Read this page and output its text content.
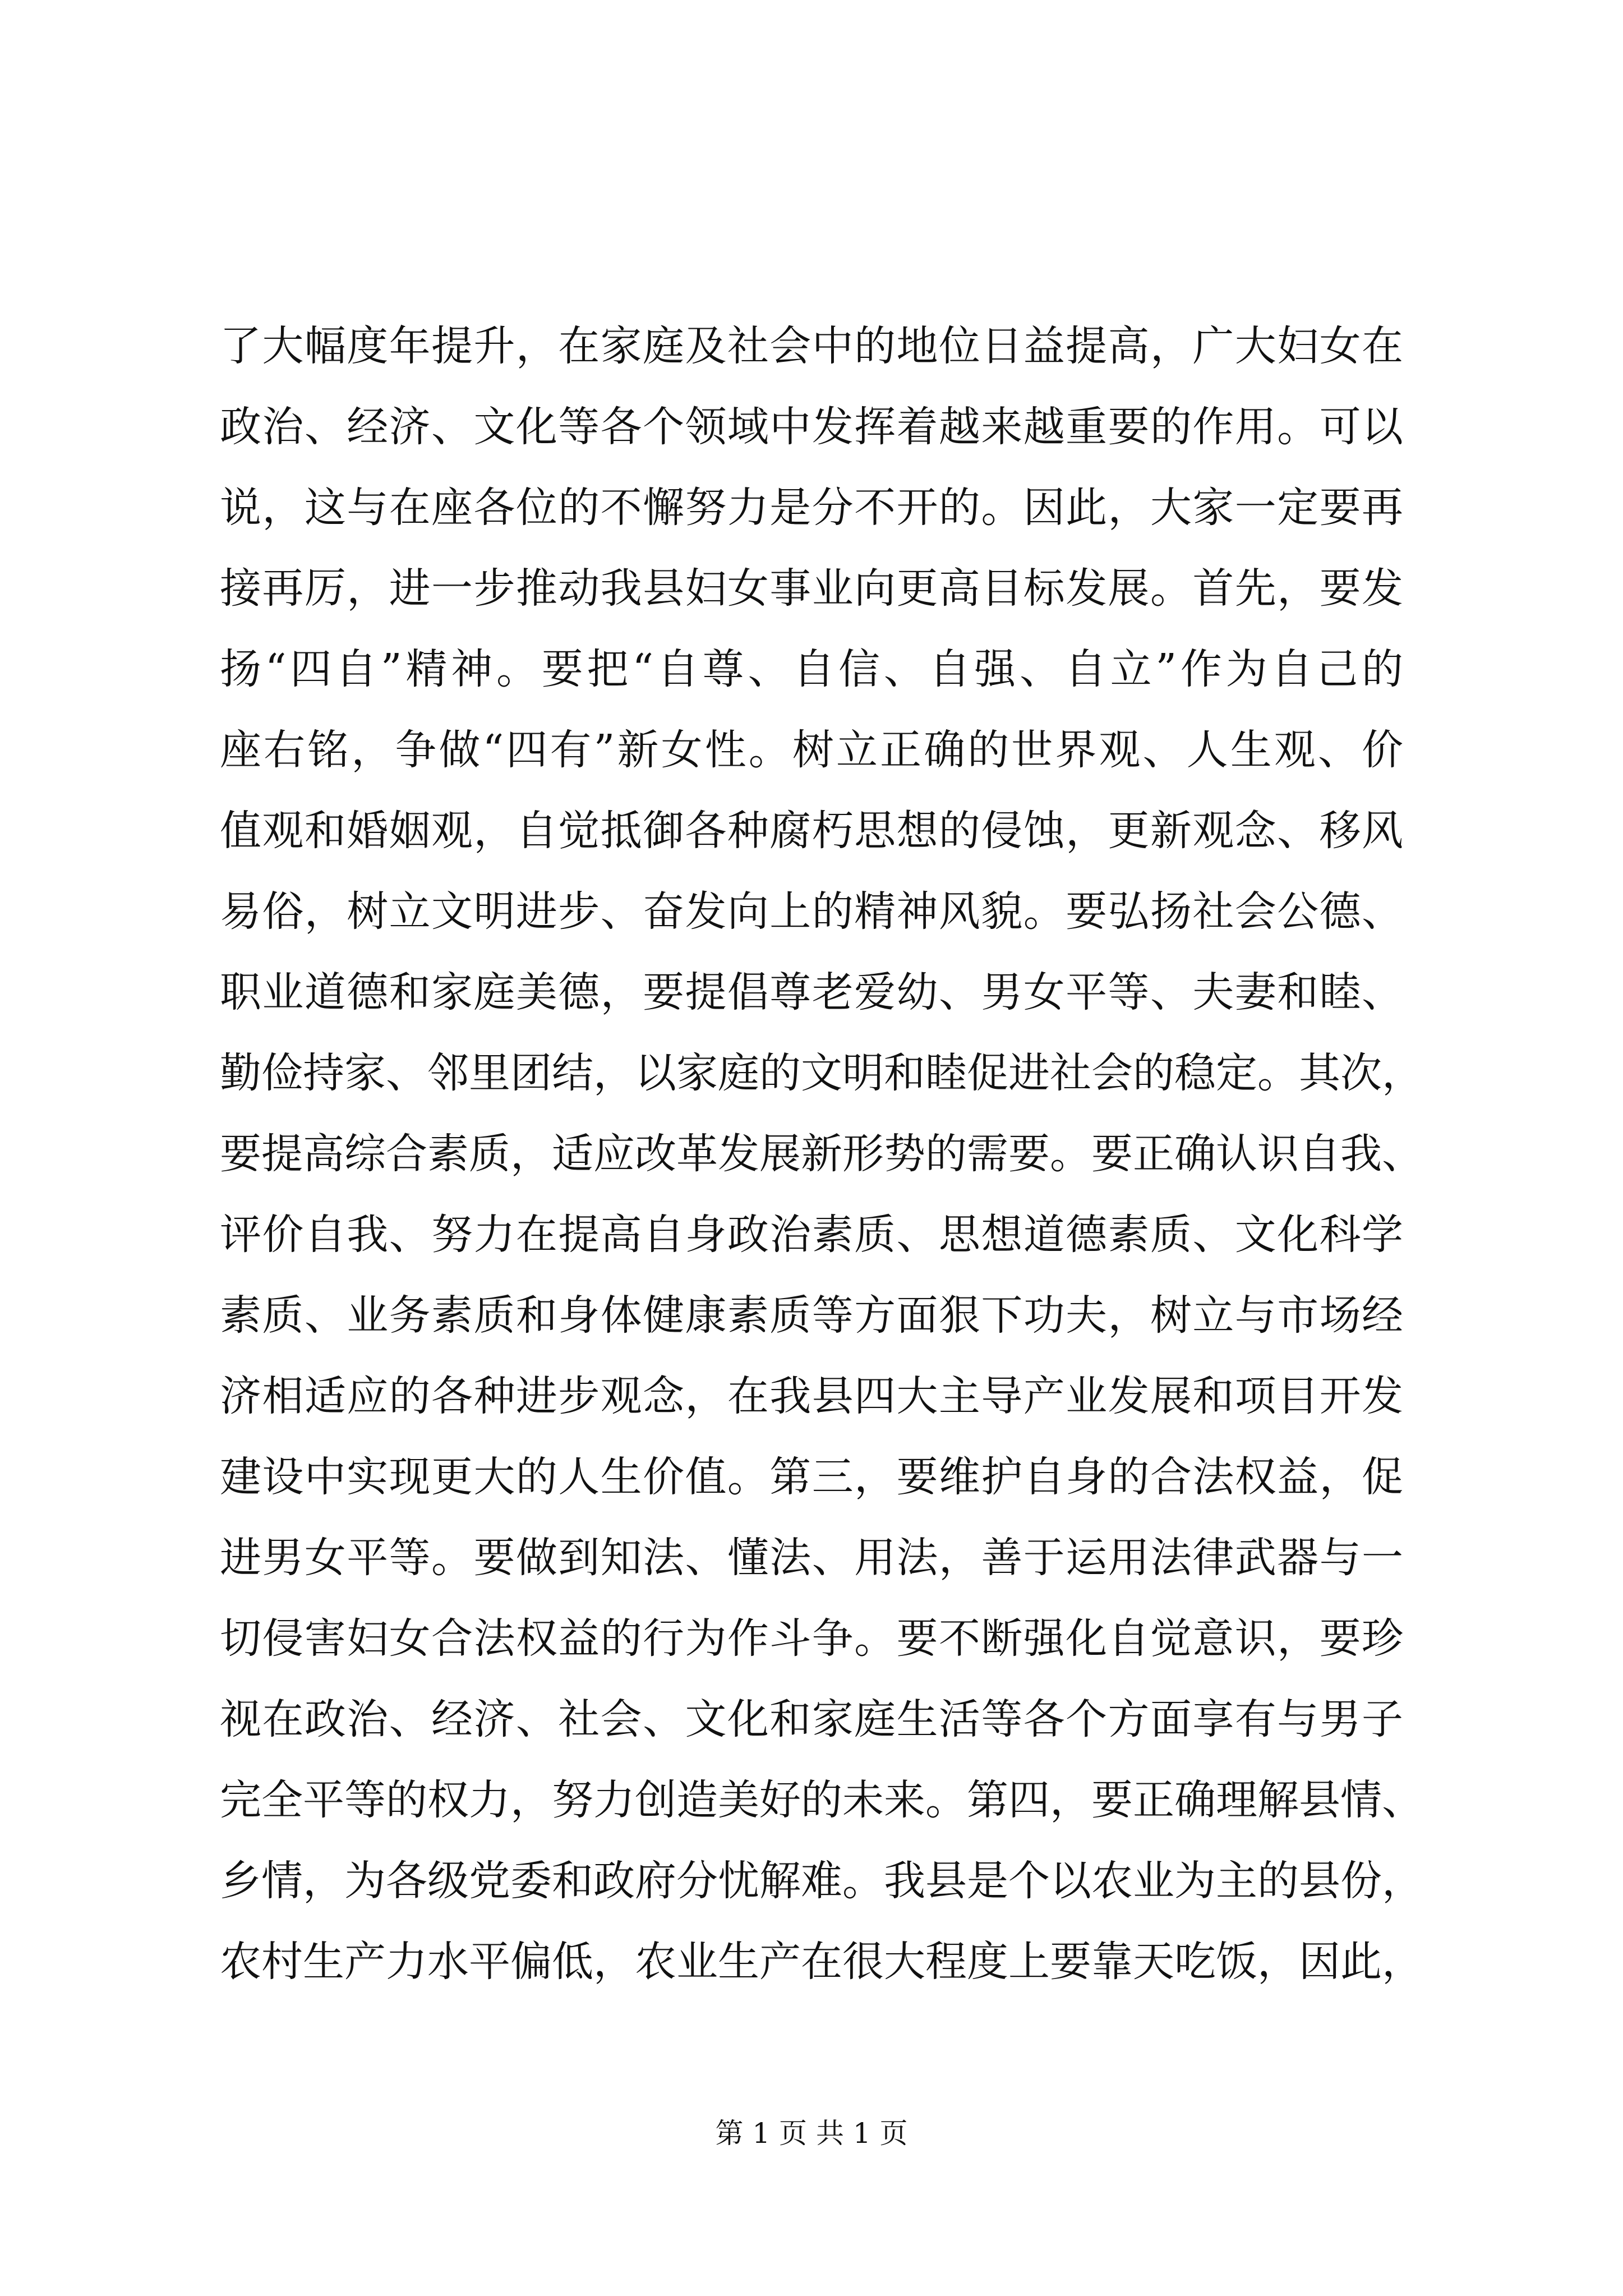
了大幅度年提升，在家庭及社会中的地位日益提高，广大妇女在
政治、经济、文化等各个领域中发挥着越来越重要的作用。可以
说，这与在座各位的不懈努力是分不开的。因此，大家一定要再
接再厉，进一步推动我县妇女事业向更高目标发展。首先，要发
扬“四自”精神。要把“自尊、自信、自强、自立”作为自己的
座右铭，争做“四有”新女性。树立正确的世界观、人生观、价
值观和婚姻观，自觉抵御各种腐朽思想的侵蚀，更新观念、移风
易俗，树立文明进步、奋发向上的精神风貌。要弘扬社会公德、
职业道德和家庭美德，要提倡尊老爱幼、男女平等、夫妻和睦、
勤俭持家、邻里团结，以家庭的文明和睦促进社会的稳定。其次，
要提高综合素质，适应改革发展新形势的需要。要正确认识自我、
评价自我、努力在提高自身政治素质、思想道德素质、文化科学
素质、业务素质和身体健康素质等方面狠下功夫，树立与市场经
济相适应的各种进步观念，在我县四大主导产业发展和项目开发
建设中实现更大的人生价值。第三，要维护自身的合法权益，促
进男女平等。要做到知法、懂法、用法，善于运用法律武器与一
切侵害妇女合法权益的行为作斗争。要不断强化自觉意识，要珍
视在政治、经济、社会、文化和家庭生活等各个方面享有与男子
完全平等的权力，努力创造美好的未来。第四，要正确理解县情、
乡情，为各级党委和政府分忧解难。我县是个以农业为主的县份，
农村生产力水平偏低，农业生产在很大程度上要靠天吃饭，因此，
第 1 页 共 1 页
